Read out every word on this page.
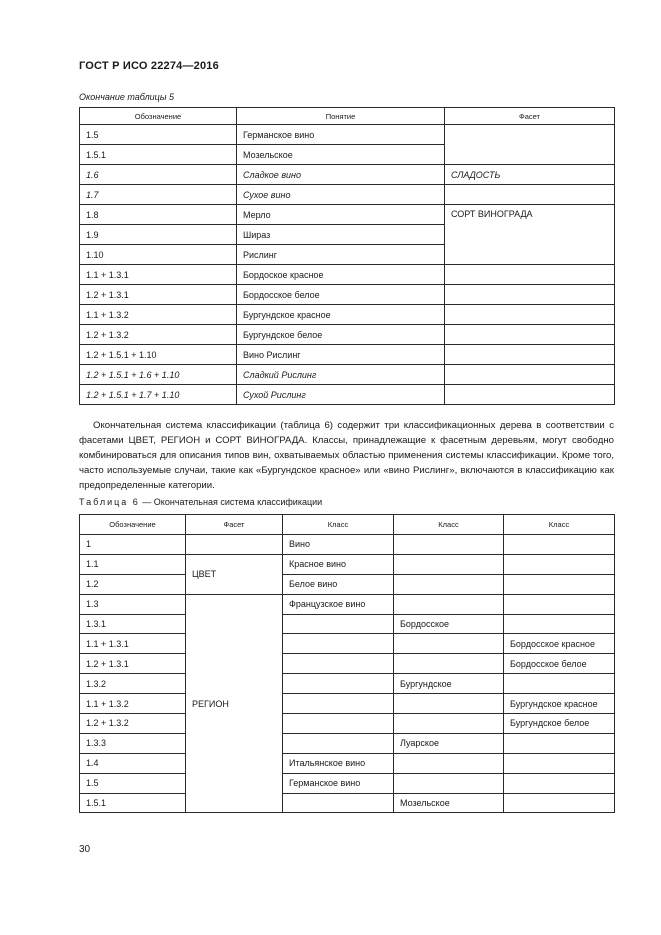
ГОСТ Р ИСО 22274—2016
Окончание таблицы 5
Обозначение	Понятие	Фасет
1.5	Германское вино	
1.5.1	Мозельское	
1.6	Сладкое вино	СЛАДОСТЬ
1.7	Сухое вино	
1.8	Мерло	СОРТ ВИНОГРАДА
1.9	Шираз	
1.10	Рислинг	
1.1 + 1.3.1	Бордоское красное	
1.2 + 1.3.1	Бордосское белое	
1.1 + 1.3.2	Бургундское красное	
1.2 + 1.3.2	Бургундское белое	
1.2 + 1.5.1 + 1.10	Вино Рислинг	
1.2 + 1.5.1 + 1.6 + 1.10	Сладкий Рислинг	
1.2 + 1.5.1 + 1.7 + 1.10	Сухой Рислинг	

Окончательная система классификации (таблица 6) содержит три классификационных дерева в соответствии с фасетами ЦВЕТ, РЕГИОН и СОРТ ВИНОГРАДА. Классы, принадлежащие к фасетным деревьям, могут свободно комбинироваться для описания типов вин, охватываемых областью применения системы классификации. Кроме того, часто используемые случаи, такие как «Бургундское красное» или «вино Рислинг», включаются в классификацию как предопределенные категории.

Таблица 6 — Окончательная система классификации
Обозначение	Фасет	Класс	Класс	Класс
1		Вино		
1.1	ЦВЕТ	Красное вино		
1.2		Белое вино		
1.3	РЕГИОН	Французское вино		
1.3.1			Бордосское	
1.1 + 1.3.1				Бордосское красное
1.2 + 1.3.1				Бордосское белое
1.3.2			Бургундское	
1.1 + 1.3.2				Бургундское красное
1.2 + 1.3.2				Бургундское белое
1.3.3			Луарское	
1.4		Итальянское вино		
1.5		Германское вино		
1.5.1			Мозельское	
30
